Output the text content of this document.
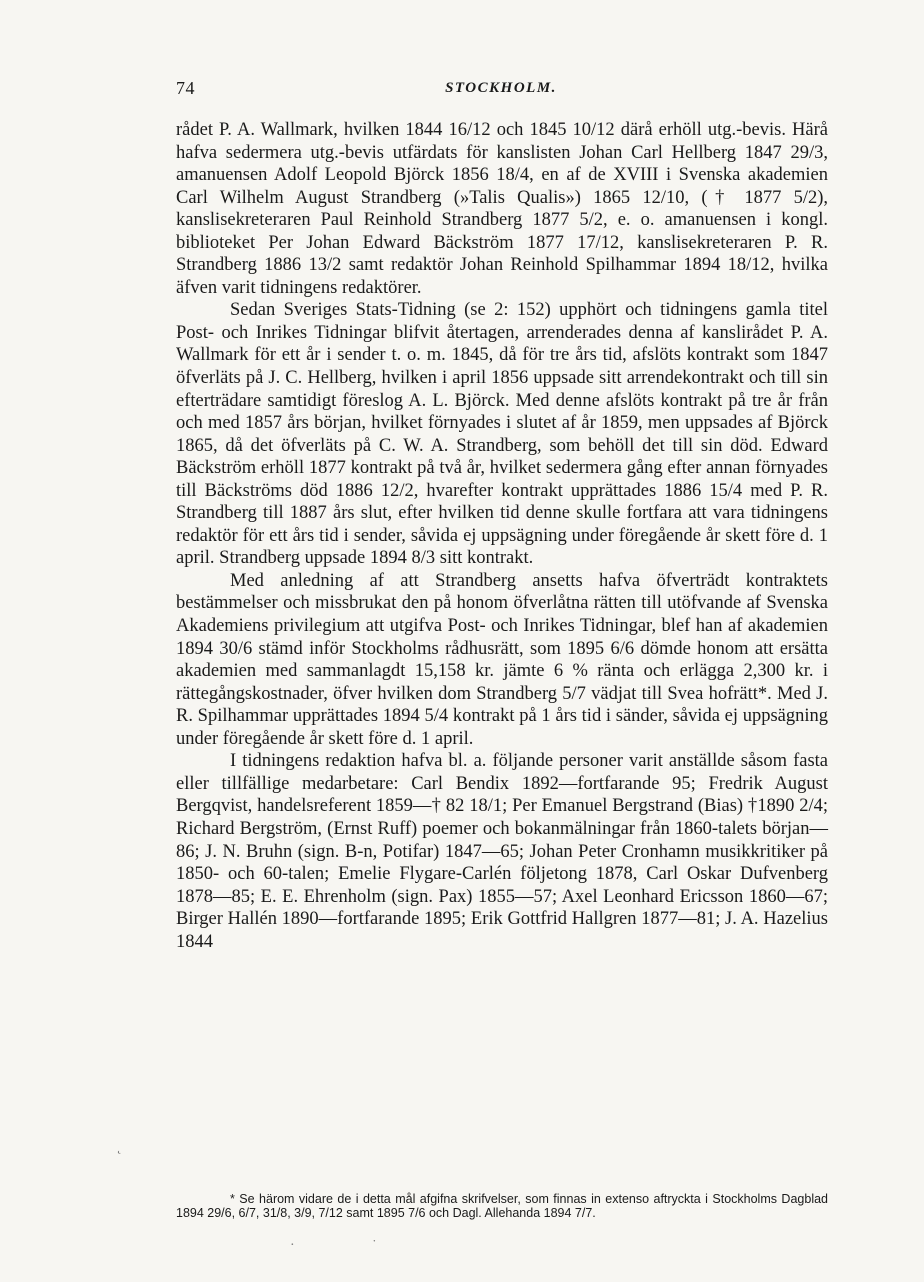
74	STOCKHOLM.

rådet P. A. Wallmark, hvilken 1844 16/12 och 1845 10/12 därå erhöll utg.-bevis. Härå hafva sedermera utg.-bevis utfärdats för kanslisten Johan Carl Hellberg 1847 29/3, amanuensen Adolf Leopold Björck 1856 18/4, en af de XVIII i Svenska akademien Carl Wilhelm August Strandberg (»Talis Qualis») 1865 12/10, († 1877 5/2), kanslisekreteraren Paul Reinhold Strandberg 1877 5/2, e. o. amanuensen i kongl. biblioteket Per Johan Edward Bäckström 1877 17/12, kanslisekreteraren P. R. Strandberg 1886 13/2 samt redaktör Johan Reinhold Spilhammar 1894 18/12, hvilka äfven varit tidningens redaktörer.

Sedan Sveriges Stats-Tidning (se 2: 152) upphört och tidningens gamla titel Post- och Inrikes Tidningar blifvit återtagen, arrenderades denna af kanslirådet P. A. Wallmark för ett år i sender t. o. m. 1845, då för tre års tid, afslöts kontrakt som 1847 öfverläts på J. C. Hellberg, hvilken i april 1856 uppsade sitt arrendekontrakt och till sin efterträdare samtidigt föreslog A. L. Björck. Med denne afslöts kontrakt på tre år från och med 1857 års början, hvilket förnyades i slutet af år 1859, men uppsades af Björck 1865, då det öfverläts på C. W. A. Strandberg, som behöll det till sin död. Edward Bäckström erhöll 1877 kontrakt på två år, hvilket sedermera gång efter annan förnyades till Bäckströms död 1886 12/2, hvarefter kontrakt upprättades 1886 15/4 med P. R. Strandberg till 1887 års slut, efter hvilken tid denne skulle fortfara att vara tidningens redaktör för ett års tid i sender, såvida ej uppsägning under föregående år skett före d. 1 april. Strandberg uppsade 1894 8/3 sitt kontrakt.

Med anledning af att Strandberg ansetts hafva öfverträdt kontraktets bestämmelser och missbrukat den på honom öfverlåtna rätten till utöfvande af Svenska Akademiens privilegium att utgifva Post- och Inrikes Tidningar, blef han af akademien 1894 30/6 stämd inför Stockholms rådhusrätt, som 1895 6/6 dömde honom att ersätta akademien med sammanlagdt 15,158 kr. jämte 6 % ränta och erlägga 2,300 kr. i rättegångskostnader, öfver hvilken dom Strandberg 5/7 vädjat till Svea hofrätt*. Med J. R. Spilhammar upprättades 1894 5/4 kontrakt på 1 års tid i sänder, såvida ej uppsägning under föregående år skett före d. 1 april.

I tidningens redaktion hafva bl. a. följande personer varit anställde såsom fasta eller tillfällige medarbetare: Carl Bendix 1892—fortfarande 95; Fredrik August Bergqvist, handelsreferent 1859—† 82 18/1; Per Emanuel Bergstrand (Bias) †1890 2/4; Richard Bergström, (Ernst Ruff) poemer och bokanmälningar från 1860-talets början—86; J. N. Bruhn (sign. B-n, Potifar) 1847—65; Johan Peter Cronhamn musikkritiker på 1850- och 60-talen; Emelie Flygare-Carlén följetong 1878, Carl Oskar Dufvenberg 1878—85; E. E. Ehrenholm (sign. Pax) 1855—57; Axel Leonhard Ericsson 1860—67; Birger Hallén 1890—fortfarande 1895; Erik Gottfrid Hallgren 1877—81; J. A. Hazelius 1844

* Se härom vidare de i detta mål afgifna skrifvelser, som finnas in extenso aftryckta i Stockholms Dagblad 1894 29/6, 6/7, 31/8, 3/9, 7/12 samt 1895 7/6 och Dagl. Allehanda 1894 7/7.

˛
·	˙
